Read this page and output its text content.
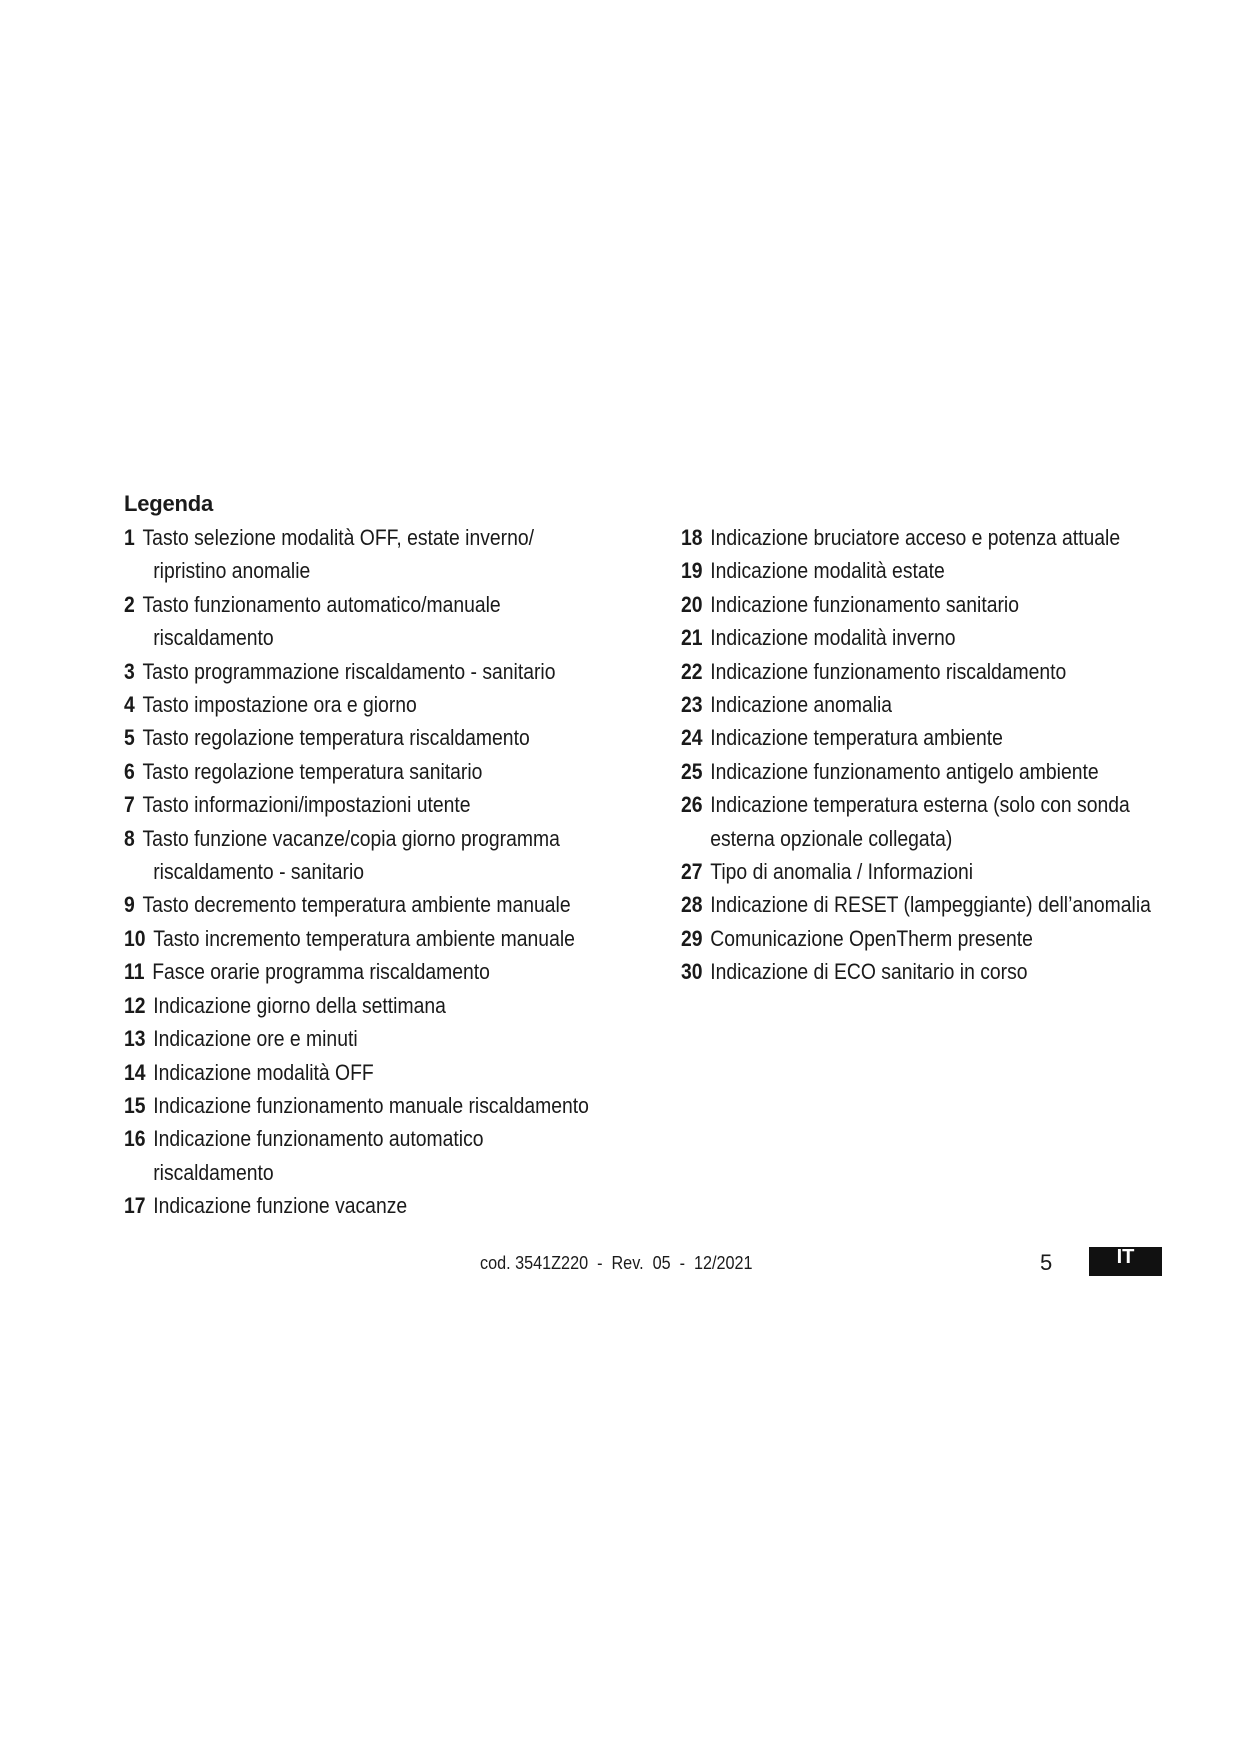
Legenda
1 Tasto selezione modalità OFF, estate inverno/
ripristino anomalie
2 Tasto funzionamento automatico/manuale
riscaldamento
3 Tasto programmazione riscaldamento - sanitario
4 Tasto impostazione ora e giorno
5 Tasto regolazione temperatura riscaldamento
6 Tasto regolazione temperatura sanitario
7 Tasto informazioni/impostazioni utente
8 Tasto funzione vacanze/copia giorno programma
riscaldamento - sanitario
9 Tasto decremento temperatura ambiente manuale
10 Tasto incremento temperatura ambiente manuale
11 Fasce orarie programma riscaldamento
12 Indicazione giorno della settimana
13 Indicazione ore e minuti
14 Indicazione modalità OFF
15 Indicazione funzionamento manuale riscaldamento
16 Indicazione funzionamento automatico
riscaldamento
17 Indicazione funzione vacanze
18 Indicazione bruciatore acceso e potenza attuale
19 Indicazione modalità estate
20 Indicazione funzionamento sanitario
21 Indicazione modalità inverno
22 Indicazione funzionamento riscaldamento
23 Indicazione anomalia
24 Indicazione temperatura ambiente
25 Indicazione funzionamento antigelo ambiente
26 Indicazione temperatura esterna (solo con sonda
esterna opzionale collegata)
27 Tipo di anomalia / Informazioni
28 Indicazione di RESET (lampeggiante) dell’anomalia
29 Comunicazione OpenTherm presente
30 Indicazione di ECO sanitario in corso
cod. 3541Z220  -  Rev.  05  -  12/2021	5	IT
